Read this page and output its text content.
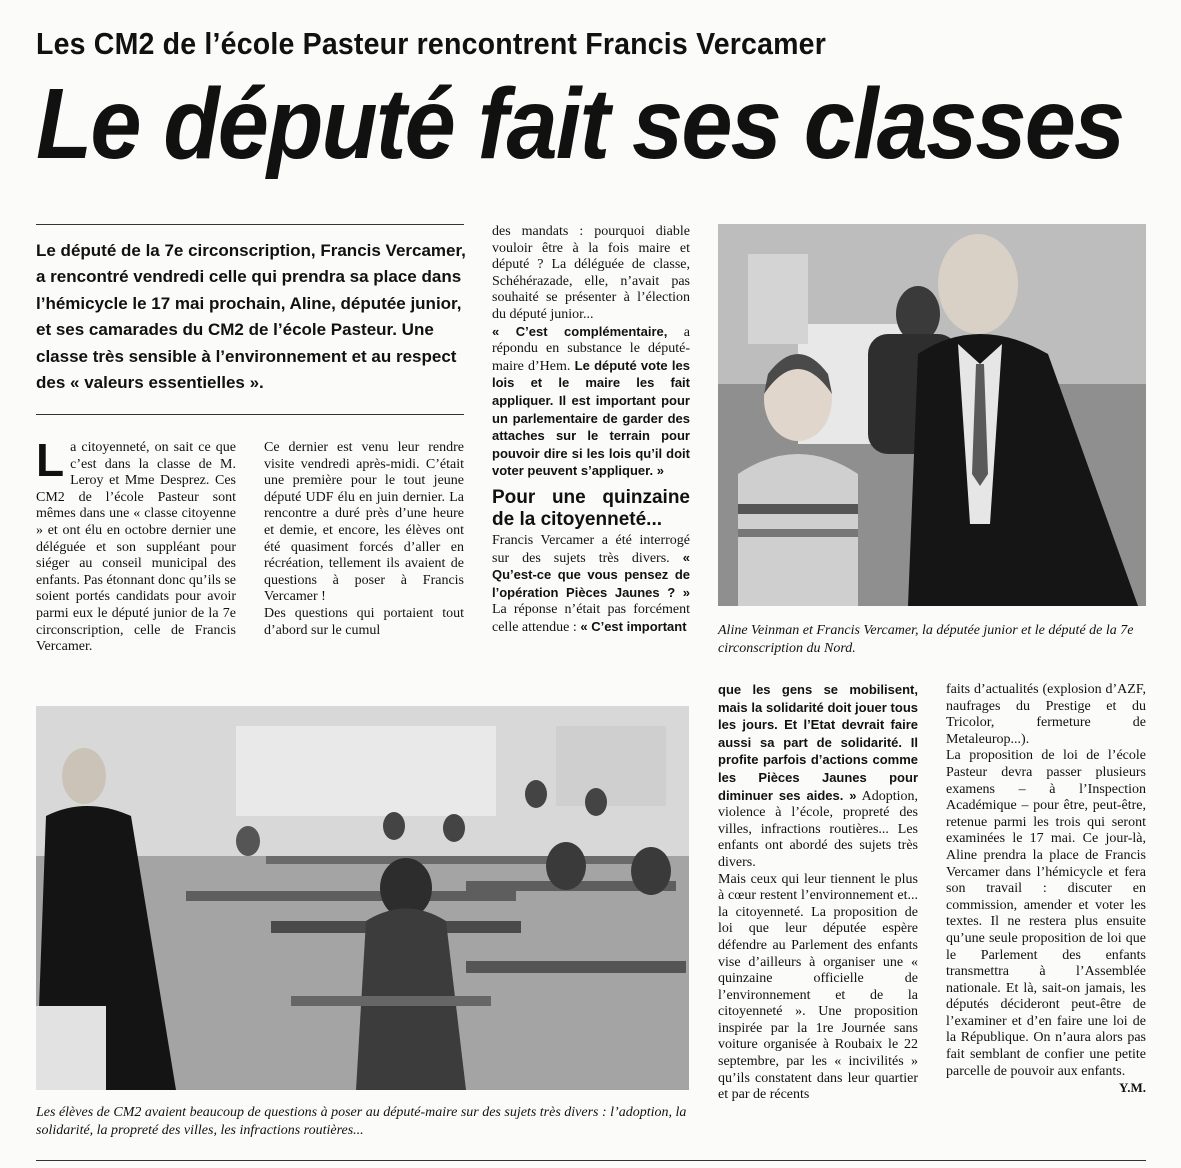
Les CM2 de l’école Pasteur rencontrent Francis Vercamer
Le député fait ses classes

Le député de la 7e circonscription, Francis Vercamer, a rencontré vendredi celle qui prendra sa place dans l’hémicycle le 17 mai prochain, Aline, députée junior, et ses camarades du CM2 de l’école Pasteur. Une classe très sensible à l’environnement et au respect des « valeurs essentielles ».

La citoyenneté, on sait ce que c’est dans la classe de M. Leroy et Mme Desprez. Ces CM2 de l’école Pasteur sont mêmes dans une « classe citoyenne » et ont élu en octobre dernier une déléguée et son suppléant pour siéger au conseil municipal des enfants. Pas étonnant donc qu’ils se soient portés candidats pour avoir parmi eux le député junior de la 7e circonscription, celle de Francis Vercamer.

Ce dernier est venu leur rendre visite vendredi après-midi. C’était une première pour le tout jeune député UDF élu en juin dernier. La rencontre a duré près d’une heure et demie, et encore, les élèves ont été quasiment forcés d’aller en récréation, tellement ils avaient de questions à poser à Francis Vercamer !

Des questions qui portaient tout d’abord sur le cumul

des mandats : pourquoi diable vouloir être à la fois maire et député ? La déléguée de classe, Schéhérazade, elle, n’avait pas souhaité se présenter à l’élection du député junior...

« C’est complémentaire, a répondu en substance le député-maire d’Hem. Le député vote les lois et le maire les fait appliquer. Il est important pour un parlementaire de garder des attaches sur le terrain pour pouvoir dire si les lois qu’il doit voter peuvent s’appliquer. »

Pour une quinzaine de la citoyenneté...

Francis Vercamer a été interrogé sur des sujets très divers. « Qu’est-ce que vous pensez de l’opération Pièces Jaunes ? » La réponse n’était pas forcément celle attendue : « C’est important Aline Veinman et Francis Vercamer, la députée junior et le député de la 7e circonscription du Nord.
Les élèves de CM2 avaient beaucoup de questions à poser au député-maire sur des sujets très divers : l’adoption, la solidarité, la propreté des villes, les infractions routières...

que les gens se mobilisent, mais la solidarité doit jouer tous les jours. Et l’Etat devrait faire aussi sa part de solidarité. Il profite parfois d’actions comme les Pièces Jaunes pour diminuer ses aides. » Adoption, violence à l’école, propreté des villes, infractions routières... Les enfants ont abordé des sujets très divers.

Mais ceux qui leur tiennent le plus à cœur restent l’environnement et... la citoyenneté. La proposition de loi que leur députée espère défendre au Parlement des enfants vise d’ailleurs à organiser une « quinzaine officielle de l’environnement et de la citoyenneté ». Une proposition inspirée par la 1re Journée sans voiture organisée à Roubaix le 22 septembre, par les « incivilités » qu’ils constatent dans leur quartier et par de récents

faits d’actualités (explosion d’AZF, naufrages du Prestige et du Tricolor, fermeture de Metaleurop...).

La proposition de loi de l’école Pasteur devra passer plusieurs examens – à l’Inspection Académique – pour être, peut-être, retenue parmi les trois qui seront examinées le 17 mai. Ce jour-là, Aline prendra la place de Francis Vercamer dans l’hémicycle et fera son travail : discuter en commission, amender et voter les textes. Il ne restera plus ensuite qu’une seule proposition de loi que le Parlement des enfants transmettra à l’Assemblée nationale. Et là, sait-on jamais, les députés décideront peut-être de l’examiner et d’en faire une loi de la République. On n’aura alors pas fait semblant de confier une petite parcelle de pouvoir aux enfants.

Y.M.
